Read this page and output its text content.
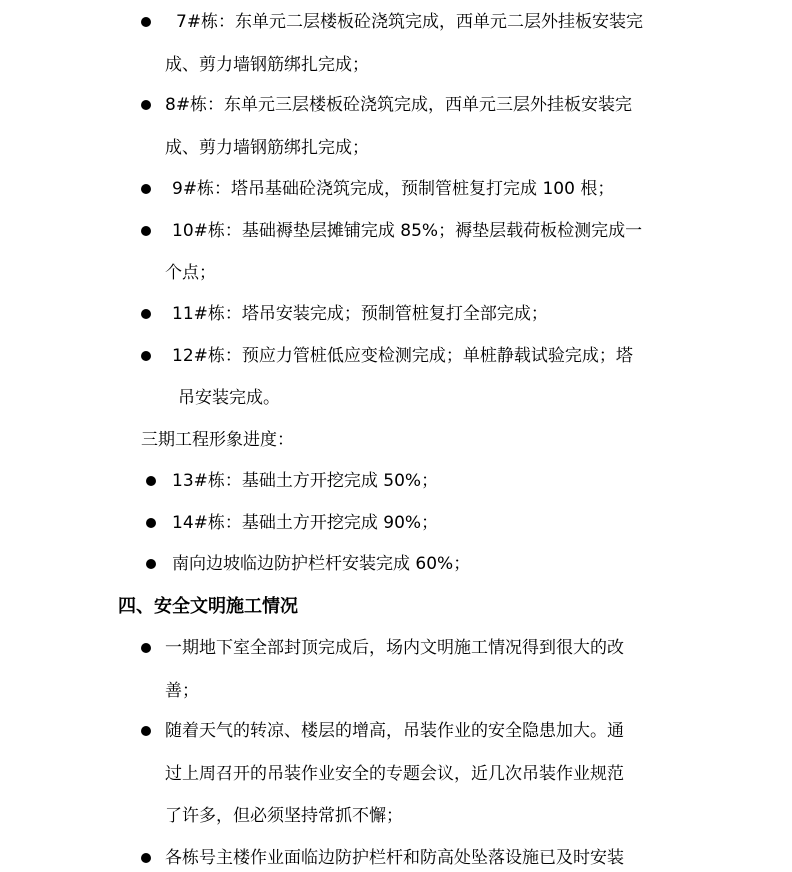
7#栋：东单元二层楼板砼浇筑完成，西单元二层外挂板安装完
成、剪力墙钢筋绑扎完成；
8#栋：东单元三层楼板砼浇筑完成，西单元三层外挂板安装完
成、剪力墙钢筋绑扎完成；
9#栋：塔吊基础砼浇筑完成，预制管桩复打完成 100 根；
10#栋：基础褥垫层摊铺完成 85%；褥垫层载荷板检测完成一
个点；
11#栋：塔吊安装完成；预制管桩复打全部完成；
12#栋：预应力管桩低应变检测完成；单桩静载试验完成；塔
吊安装完成。
三期工程形象进度：
13#栋：基础土方开挖完成 50%；
14#栋：基础土方开挖完成 90%；
南向边坡临边防护栏杆安装完成 60%；
四、安全文明施工情况
一期地下室全部封顶完成后，场内文明施工情况得到很大的改
善；
随着天气的转凉、楼层的增高，吊装作业的安全隐患加大。通
过上周召开的吊装作业安全的专题会议，近几次吊装作业规范
了许多，但必须坚持常抓不懈；
各栋号主楼作业面临边防护栏杆和防高处坠落设施已及时安装
